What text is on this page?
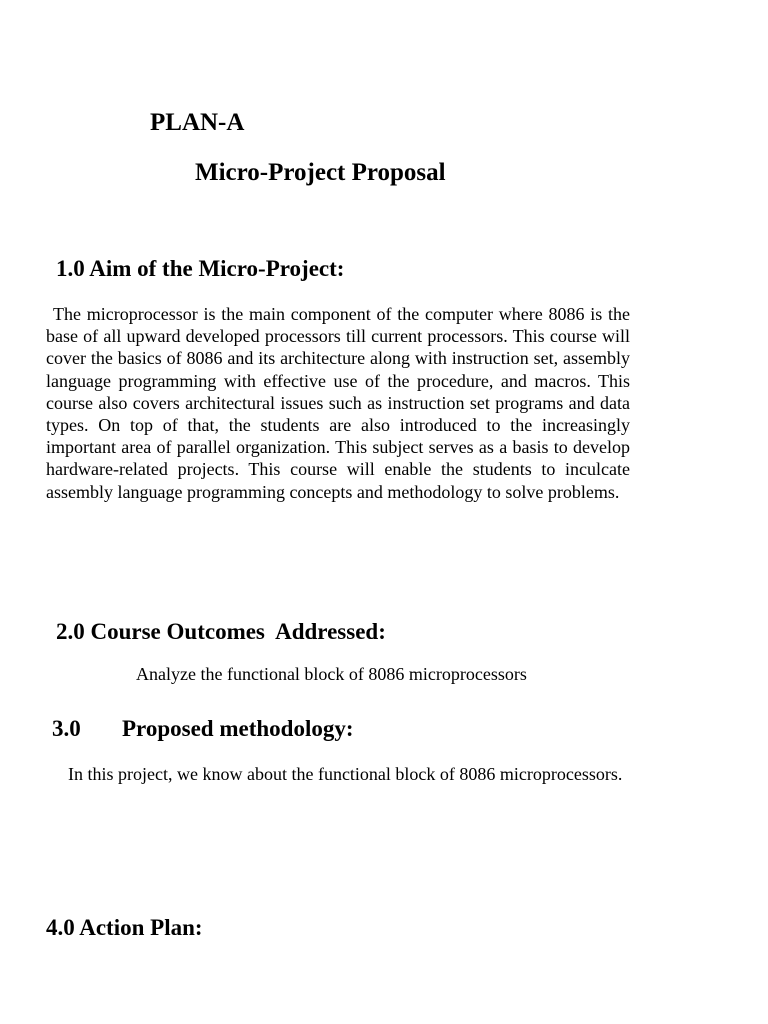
PLAN-A
Micro-Project Proposal
1.0 Aim of the Micro-Project:

The microprocessor is the main component of the computer where 8086 is the base of all upward developed processors till current processors. This course will cover the basics of 8086 and its architecture along with instruction set, assembly language programming with effective use of the procedure, and macros. This course also covers architectural issues such as instruction set programs and data types. On top of that, the students are also introduced to the increasingly important area of parallel organization. This subject serves as a basis to develop hardware-related projects. This course will enable the students to inculcate assembly language programming concepts and methodology to solve problems.

2.0 Course Outcomes  Addressed:

Analyze the functional block of 8086 microprocessors

3.0 Proposed methodology:

In this project, we know about the functional block of 8086 microprocessors.

4.0 Action Plan:
